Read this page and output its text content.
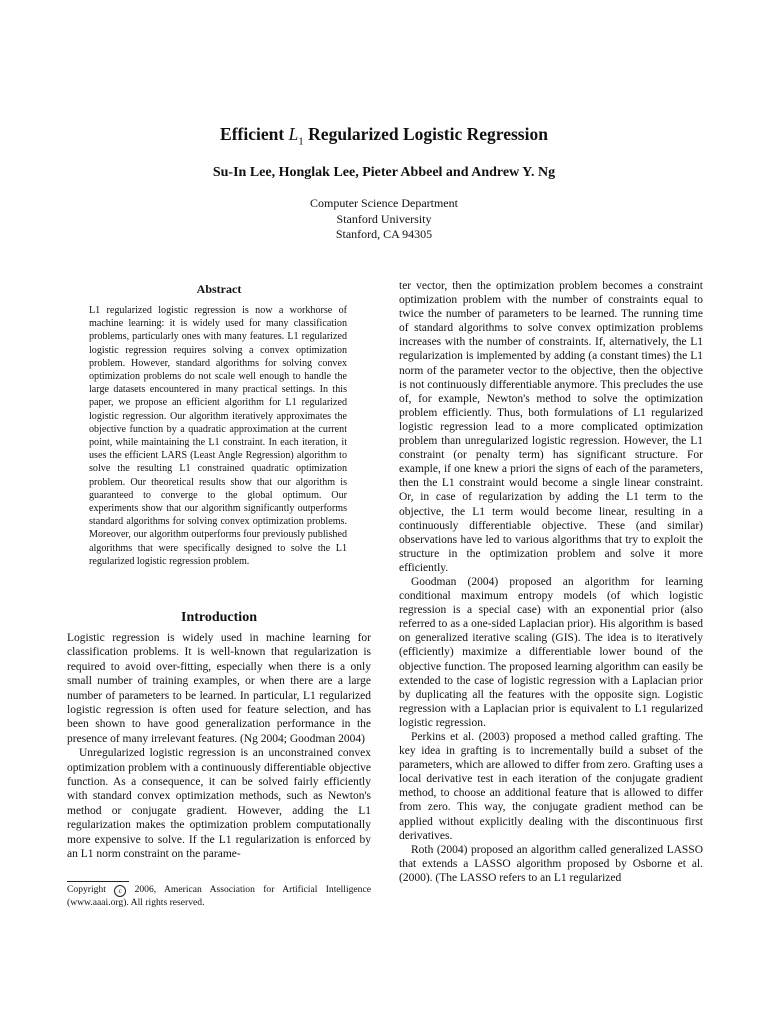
Efficient $L_1$ Regularized Logistic Regression
Su-In Lee, Honglak Lee, Pieter Abbeel and Andrew Y. Ng
Computer Science Department
Stanford University
Stanford, CA 94305
Abstract

L1 regularized logistic regression is now a workhorse of machine learning: it is widely used for many classification problems, particularly ones with many features. L1 regularized logistic regression requires solving a convex optimization problem. However, standard algorithms for solving convex optimization problems do not scale well enough to handle the large datasets encountered in many practical settings. In this paper, we propose an efficient algorithm for L1 regularized logistic regression. Our algorithm iteratively approximates the objective function by a quadratic approximation at the current point, while maintaining the L1 constraint. In each iteration, it uses the efficient LARS (Least Angle Regression) algorithm to solve the resulting L1 constrained quadratic optimization problem. Our theoretical results show that our algorithm is guaranteed to converge to the global optimum. Our experiments show that our algorithm significantly outperforms standard algorithms for solving convex optimization problems. Moreover, our algorithm outperforms four previously published algorithms that were specifically designed to solve the L1 regularized logistic regression problem.

Introduction

Logistic regression is widely used in machine learning for classification problems. It is well-known that regularization is required to avoid over-fitting, especially when there is a only small number of training examples, or when there are a large number of parameters to be learned. In particular, L1 regularized logistic regression is often used for feature selection, and has been shown to have good generalization performance in the presence of many irrelevant features. (Ng 2004; Goodman 2004)

Unregularized logistic regression is an unconstrained convex optimization problem with a continuously differentiable objective function. As a consequence, it can be solved fairly efficiently with standard convex optimization methods, such as Newton's method or conjugate gradient. However, adding the L1 regularization makes the optimization problem computationally more expensive to solve. If the L1 regularization is enforced by an L1 norm constraint on the parame-

Copyright c 2006, American Association for Artificial Intelligence (www.aaai.org). All rights reserved.

ter vector, then the optimization problem becomes a constraint optimization problem with the number of constraints equal to twice the number of parameters to be learned. The running time of standard algorithms to solve convex optimization problems increases with the number of constraints. If, alternatively, the L1 regularization is implemented by adding (a constant times) the L1 norm of the parameter vector to the objective, then the objective is not continuously differentiable anymore. This precludes the use of, for example, Newton's method to solve the optimization problem efficiently. Thus, both formulations of L1 regularized logistic regression lead to a more complicated optimization problem than unregularized logistic regression. However, the L1 constraint (or penalty term) has significant structure. For example, if one knew a priori the signs of each of the parameters, then the L1 constraint would become a single linear constraint. Or, in case of regularization by adding the L1 term to the objective, the L1 term would become linear, resulting in a continuously differentiable objective. These (and similar) observations have led to various algorithms that try to exploit the structure in the optimization problem and solve it more efficiently.

Goodman (2004) proposed an algorithm for learning conditional maximum entropy models (of which logistic regression is a special case) with an exponential prior (also referred to as a one-sided Laplacian prior). His algorithm is based on generalized iterative scaling (GIS). The idea is to iteratively (efficiently) maximize a differentiable lower bound of the objective function. The proposed learning algorithm can easily be extended to the case of logistic regression with a Laplacian prior by duplicating all the features with the opposite sign. Logistic regression with a Laplacian prior is equivalent to L1 regularized logistic regression.

Perkins et al. (2003) proposed a method called grafting. The key idea in grafting is to incrementally build a subset of the parameters, which are allowed to differ from zero. Grafting uses a local derivative test in each iteration of the conjugate gradient method, to choose an additional feature that is allowed to differ from zero. This way, the conjugate gradient method can be applied without explicitly dealing with the discontinuous first derivatives.

Roth (2004) proposed an algorithm called generalized LASSO that extends a LASSO algorithm proposed by Osborne et al. (2000). (The LASSO refers to an L1 regularized
